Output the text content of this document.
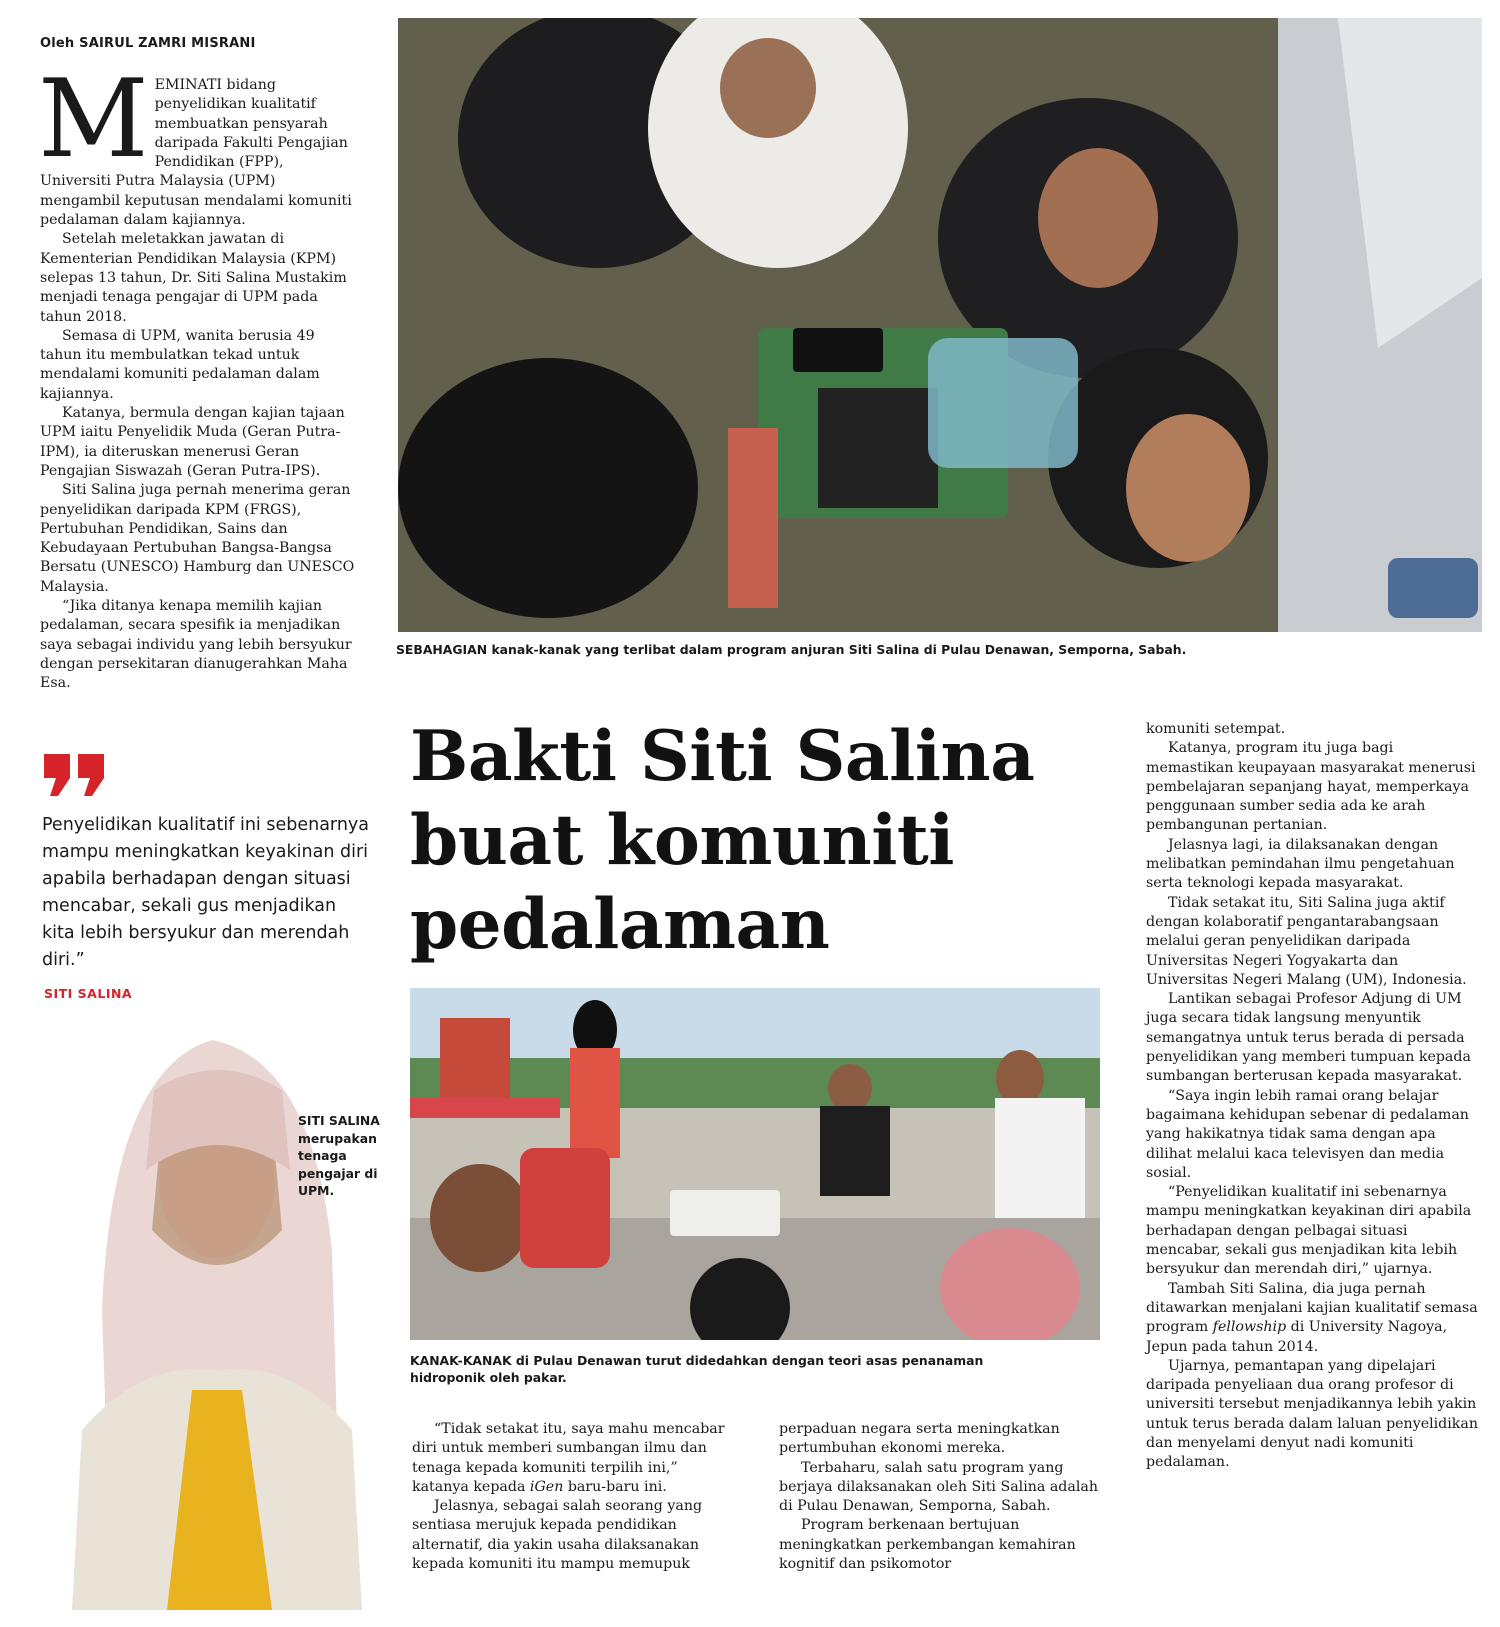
Oleh SAIRUL ZAMRI MISRANI

MEMINATI bidang penyelidikan kualitatif membuatkan pensyarah daripada Fakulti Pengajian Pendidikan (FPP), Universiti Putra Malaysia (UPM) mengambil keputusan mendalami komuniti pedalaman dalam kajiannya.

Setelah meletakkan jawatan di Kementerian Pendidikan Malaysia (KPM) selepas 13 tahun, Dr. Siti Salina Mustakim menjadi tenaga pengajar di UPM pada tahun 2018.

Semasa di UPM, wanita berusia 49 tahun itu membulatkan tekad untuk mendalami komuniti pedalaman dalam kajiannya.

Katanya, bermula dengan kajian tajaan UPM iaitu Penyelidik Muda (Geran Putra-IPM), ia diteruskan menerusi Geran Pengajian Siswazah (Geran Putra-IPS).

Siti Salina juga pernah menerima geran penyelidikan daripada KPM (FRGS), Pertubuhan Pendidikan, Sains dan Kebudayaan Pertubuhan Bangsa-Bangsa Bersatu (UNESCO) Hamburg dan UNESCO Malaysia.

“Jika ditanya kenapa memilih kajian pedalaman, secara spesifik ia menjadikan saya sebagai individu yang lebih bersyukur dengan persekitaran dianugerahkan Maha Esa.

Penyelidikan kualitatif ini sebenarnya mampu meningkatkan keyakinan diri apabila berhadapan dengan situasi mencabar, sekali gus menjadikan kita lebih bersyukur dan merendah diri.”
SITI SALINA
SEBAHAGIAN kanak-kanak yang terlibat dalam program anjuran Siti Salina di Pulau Denawan, Semporna, Sabah.
Bakti Siti Salina
buat komuniti
pedalaman
KANAK-KANAK di Pulau Denawan turut didedahkan dengan teori asas penanaman hidroponik oleh pakar.
SITI SALINA
merupakan tenaga pengajar di UPM.

“Tidak setakat itu, saya mahu mencabar diri untuk memberi sumbangan ilmu dan tenaga kepada komuniti terpilih ini,” katanya kepada iGen baru-baru ini.

Jelasnya, sebagai salah seorang yang sentiasa merujuk kepada pendidikan alternatif, dia yakin usaha dilaksanakan kepada komuniti itu mampu memupuk

perpaduan negara serta meningkatkan pertumbuhan ekonomi mereka.

Terbaharu, salah satu program yang berjaya dilaksanakan oleh Siti Salina adalah di Pulau Denawan, Semporna, Sabah.

Program berkenaan bertujuan meningkatkan perkembangan kemahiran kognitif dan psikomotor

komuniti setempat.

Katanya, program itu juga bagi memastikan keupayaan masyarakat menerusi pembelajaran sepanjang hayat, memperkaya penggunaan sumber sedia ada ke arah pembangunan pertanian.

Jelasnya lagi, ia dilaksanakan dengan melibatkan pemindahan ilmu pengetahuan serta teknologi kepada masyarakat.

Tidak setakat itu, Siti Salina juga aktif dengan kolaboratif pengantarabangsaan melalui geran penyelidikan daripada Universitas Negeri Yogyakarta dan Universitas Negeri Malang (UM), Indonesia.

Lantikan sebagai Profesor Adjung di UM juga secara tidak langsung menyuntik semangatnya untuk terus berada di persada penyelidikan yang memberi tumpuan kepada sumbangan berterusan kepada masyarakat.

“Saya ingin lebih ramai orang belajar bagaimana kehidupan sebenar di pedalaman yang hakikatnya tidak sama dengan apa dilihat melalui kaca televisyen dan media sosial.

“Penyelidikan kualitatif ini sebenarnya mampu meningkatkan keyakinan diri apabila berhadapan dengan pelbagai situasi mencabar, sekali gus menjadikan kita lebih bersyukur dan merendah diri,” ujarnya.

Tambah Siti Salina, dia juga pernah ditawarkan menjalani kajian kualitatif semasa program fellowship di University Nagoya, Jepun pada tahun 2014.

Ujarnya, pemantapan yang dipelajari daripada penyeliaan dua orang profesor di universiti tersebut menjadikannya lebih yakin untuk terus berada dalam laluan penyelidikan dan menyelami denyut nadi komuniti pedalaman.
